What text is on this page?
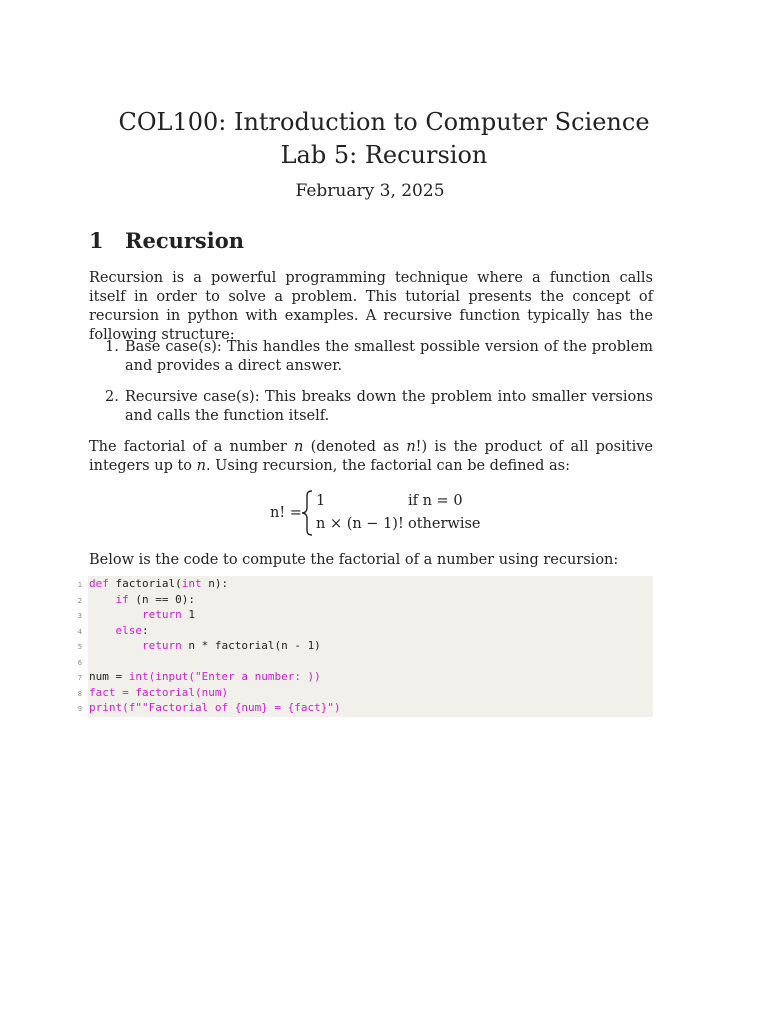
COL100: Introduction to Computer Science
Lab 5: Recursion
February 3, 2025
1 Recursion
Recursion is a powerful programming technique where a function calls itself in order to solve a problem. This tutorial presents the concept of recursion in python with examples. A recursive function typically has the following structure:
1. Base case(s): This handles the smallest possible version of the problem and provides a direct answer.
2. Recursive case(s): This breaks down the problem into smaller versions and calls the function itself.
The factorial of a number n (denoted as n!) is the product of all positive integers up to n. Using recursion, the factorial can be defined as:
n! =
1	if n = 0
n × (n − 1)! otherwise
Below is the code to compute the factorial of a number using recursion:
def factorial(int n):
if (n == 0):
return 1
else:
return n * factorial(n - 1)
num = int(input("Enter a number: ))
fact = factorial(num)
print(f""Factorial of {num} = {fact}")
1
2
3
4
5
6
7
8
9
